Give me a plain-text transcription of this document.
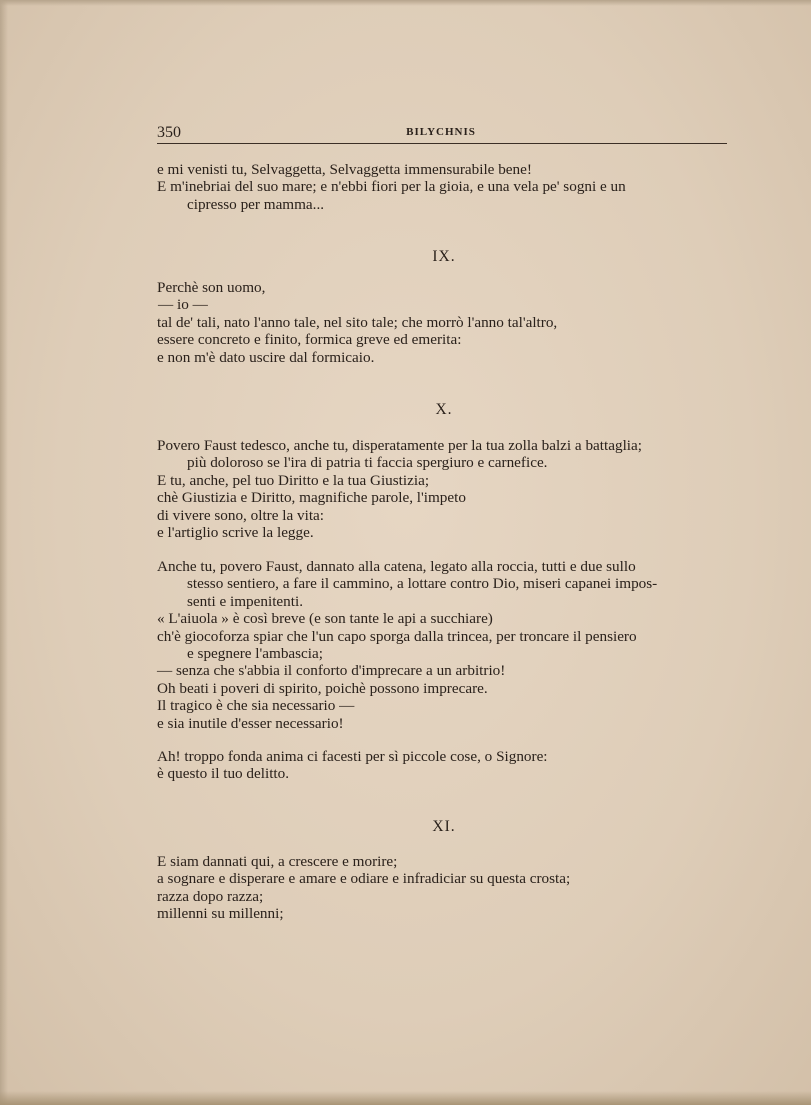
350	BILYCHNIS

e mi venisti tu, Selvaggetta, Selvaggetta immensurabile bene!

E m'inebriai del suo mare; e n'ebbi fiori per la gioia, e una vela pe' sogni e un

cipresso per mamma...

IX.

Perchè son uomo,

— io —

tal de' tali, nato l'anno tale, nel sito tale; che morrò l'anno tal'altro,

essere concreto e finito, formica greve ed emerita:

e non m'è dato uscire dal formicaio.

X.

Povero Faust tedesco, anche tu, disperatamente per la tua zolla balzi a battaglia;

più doloroso se l'ira di patria ti faccia spergiuro e carnefice.

E tu, anche, pel tuo Diritto e la tua Giustizia;

chè Giustizia e Diritto, magnifiche parole, l'impeto

di vivere sono, oltre la vita:

e l'artiglio scrive la legge.

Anche tu, povero Faust, dannato alla catena, legato alla roccia, tutti e due sullo

stesso sentiero, a fare il cammino, a lottare contro Dio, miseri capanei impos-

senti e impenitenti.

« L'aiuola » è così breve (e son tante le api a succhiare)

ch'è giocoforza spiar che l'un capo sporga dalla trincea, per troncare il pensiero

e spegnere l'ambascia;

— senza che s'abbia il conforto d'imprecare a un arbitrio!

Oh beati i poveri di spirito, poichè possono imprecare.

Il tragico è che sia necessario —

e sia inutile d'esser necessario!

Ah! troppo fonda anima ci facesti per sì piccole cose, o Signore:

è questo il tuo delitto.

XI.

E siam dannati qui, a crescere e morire;

a sognare e disperare e amare e odiare e infradiciar su questa crosta;

razza dopo razza;

millenni su millenni;
